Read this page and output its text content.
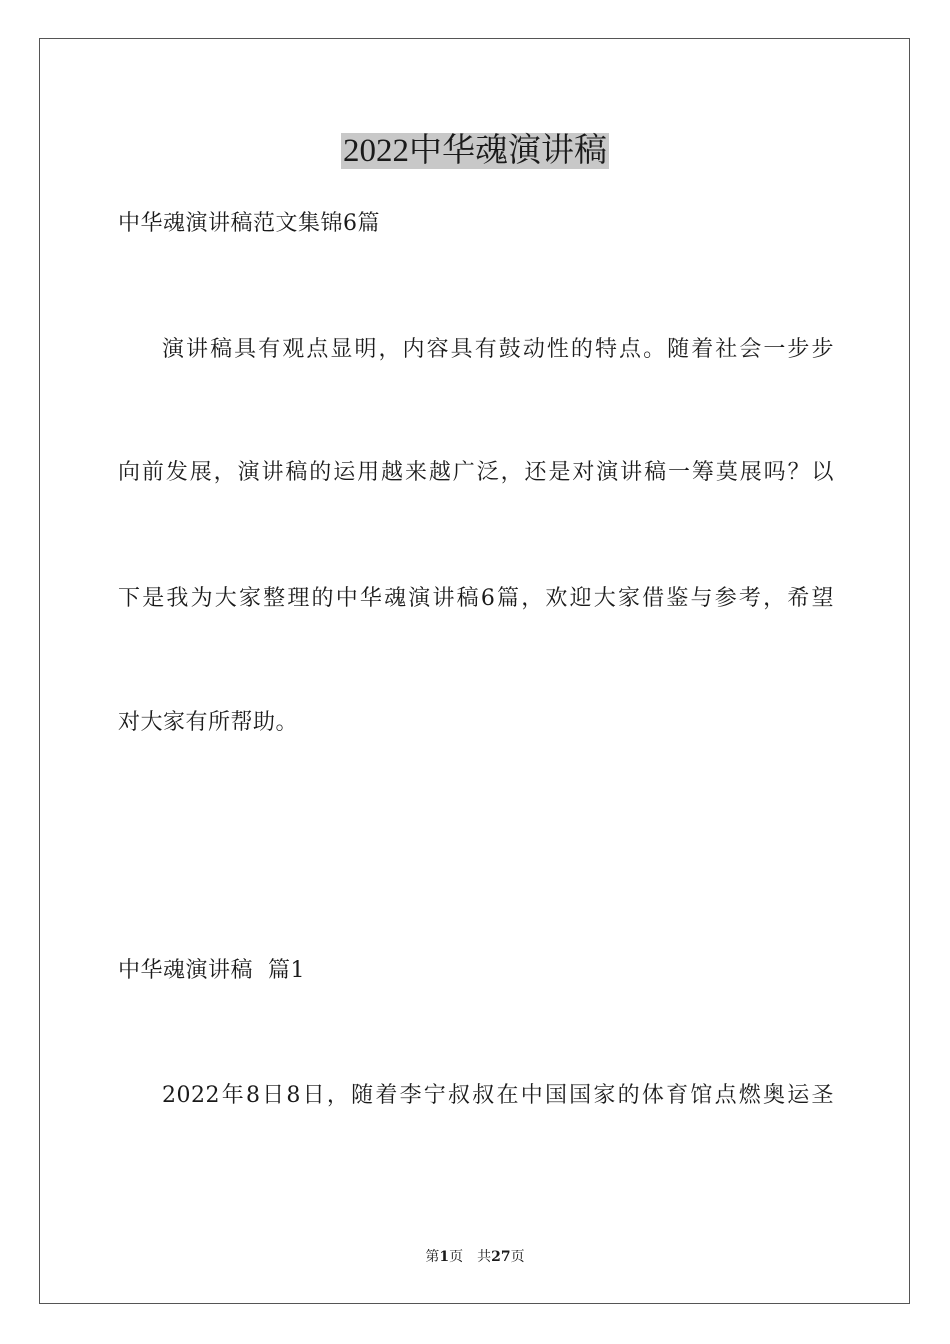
2022中华魂演讲稿

中华魂演讲稿范文集锦6篇

演讲稿具有观点显明，内容具有鼓动性的特点。随着社会一步步

向前发展，演讲稿的运用越来越广泛，还是对演讲稿一筹莫展吗？以

下是我为大家整理的中华魂演讲稿6篇，欢迎大家借鉴与参考，希望

对大家有所帮助。

中华魂演讲稿  篇1

2022年8日8日，随着李宁叔叔在中国国家的体育馆点燃奥运圣

第1页 共27页
